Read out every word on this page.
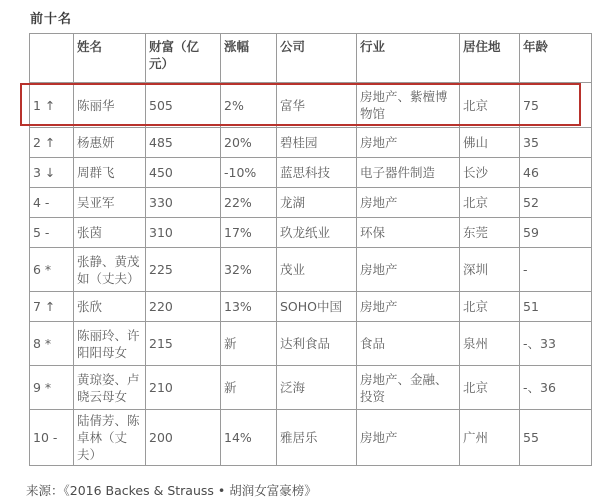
前十名
	姓名	财富（亿元）	涨幅	公司	行业	居住地	年龄
1 ↑	陈丽华	505	2%	富华	房地产、紫檀博物馆	北京	75
2 ↑	杨惠妍	485	20%	碧桂园	房地产	佛山	35
3 ↓	周群飞	450	-10%	蓝思科技	电子器件制造	长沙	46
4 -	吴亚军	330	22%	龙湖	房地产	北京	52
5 -	张茵	310	17%	玖龙纸业	环保	东莞	59
6 *	张静、黄茂如（丈夫）	225	32%	茂业	房地产	深圳	-
7 ↑	张欣	220	13%	SOHO中国	房地产	北京	51
8 *	陈丽玲、许阳阳母女	215	新	达利食品	食品	泉州	-、33
9 *	黄琼姿、卢晓云母女	210	新	泛海	房地产、金融、投资	北京	-、36
10 -	陆倩芳、陈卓林（丈夫）	200	14%	雅居乐	房地产	广州	55
来源：《2016 Backes & Strauss • 胡润女富豪榜》
